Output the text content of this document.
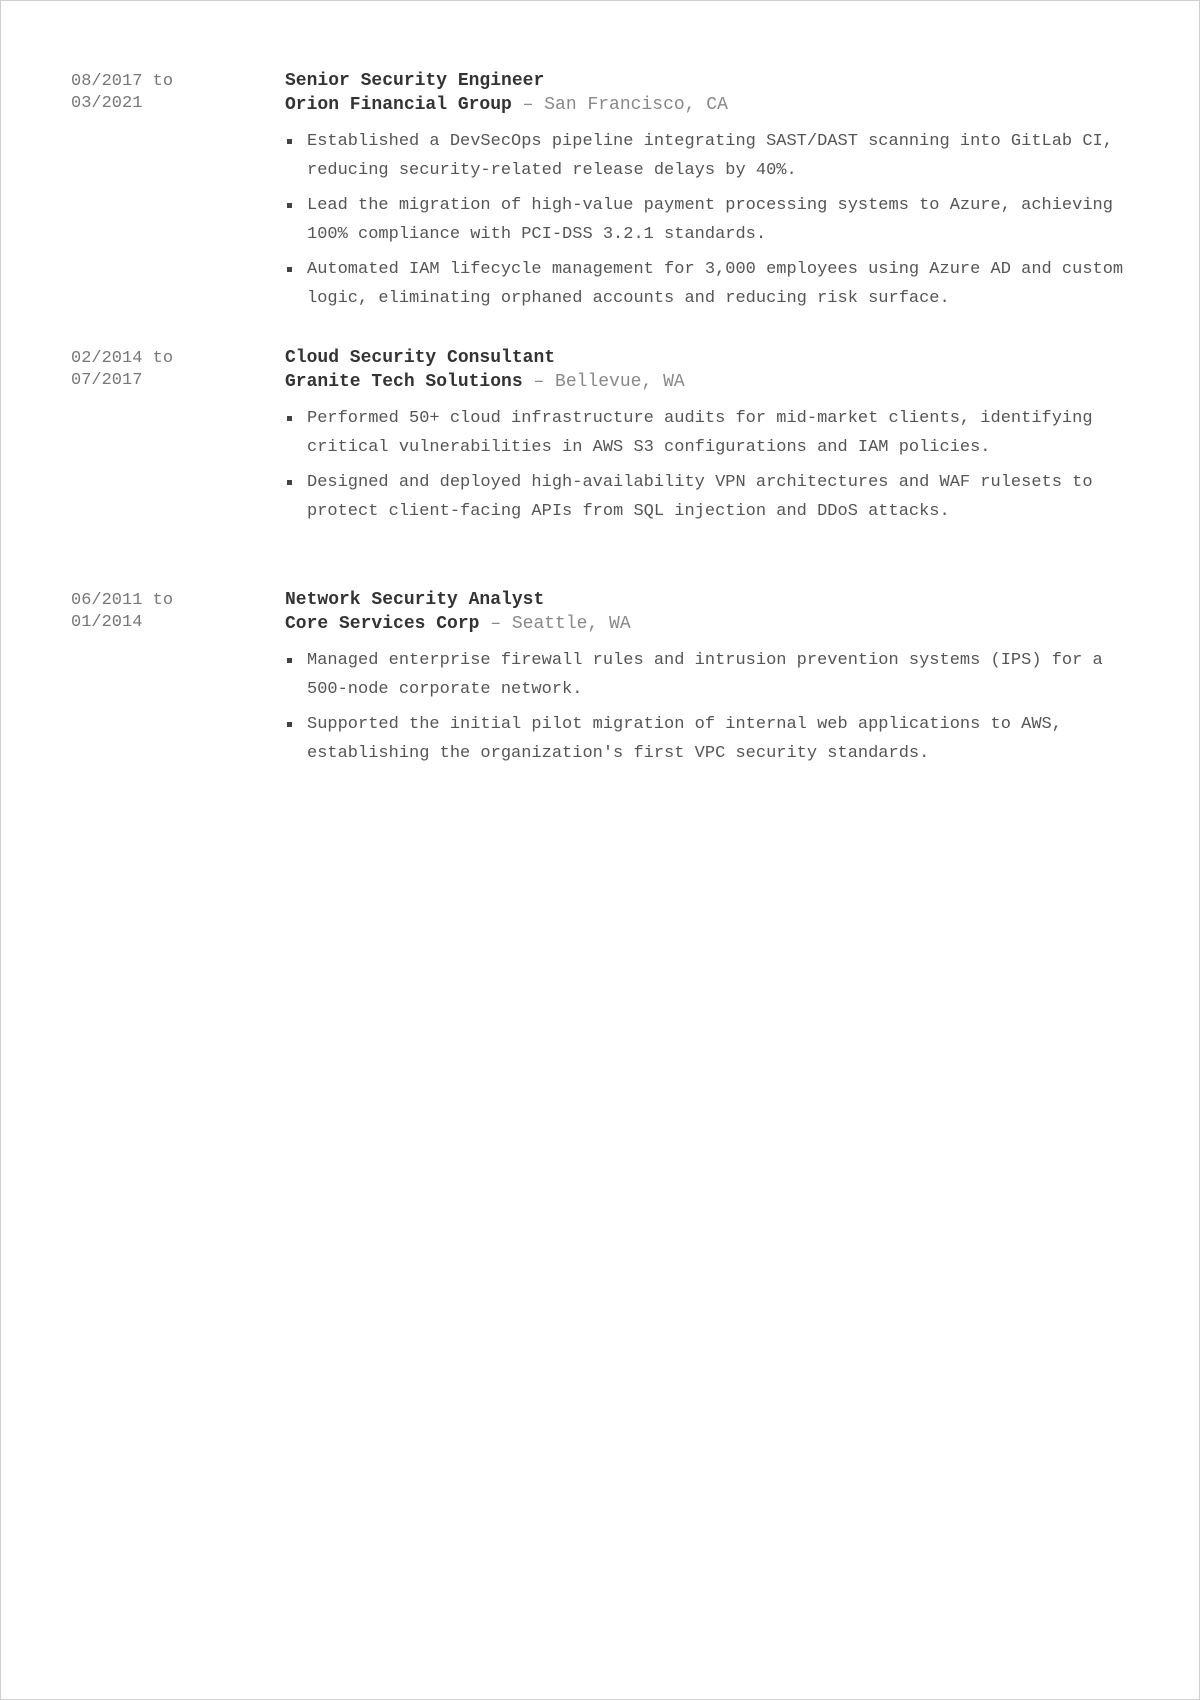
08/2017 to
03/2021
Senior Security Engineer
Orion Financial Group – San Francisco, CA
Established a DevSecOps pipeline integrating SAST/DAST scanning into GitLab CI, reducing security-related release delays by 40%.
Lead the migration of high-value payment processing systems to Azure, achieving 100% compliance with PCI-DSS 3.2.1 standards.
Automated IAM lifecycle management for 3,000 employees using Azure AD and custom logic, eliminating orphaned accounts and reducing risk surface.
02/2014 to
07/2017
Cloud Security Consultant
Granite Tech Solutions – Bellevue, WA
Performed 50+ cloud infrastructure audits for mid-market clients, identifying critical vulnerabilities in AWS S3 configurations and IAM policies.
Designed and deployed high-availability VPN architectures and WAF rulesets to protect client-facing APIs from SQL injection and DDoS attacks.
06/2011 to
01/2014
Network Security Analyst
Core Services Corp – Seattle, WA
Managed enterprise firewall rules and intrusion prevention systems (IPS) for a 500-node corporate network.
Supported the initial pilot migration of internal web applications to AWS, establishing the organization's first VPC security standards.
